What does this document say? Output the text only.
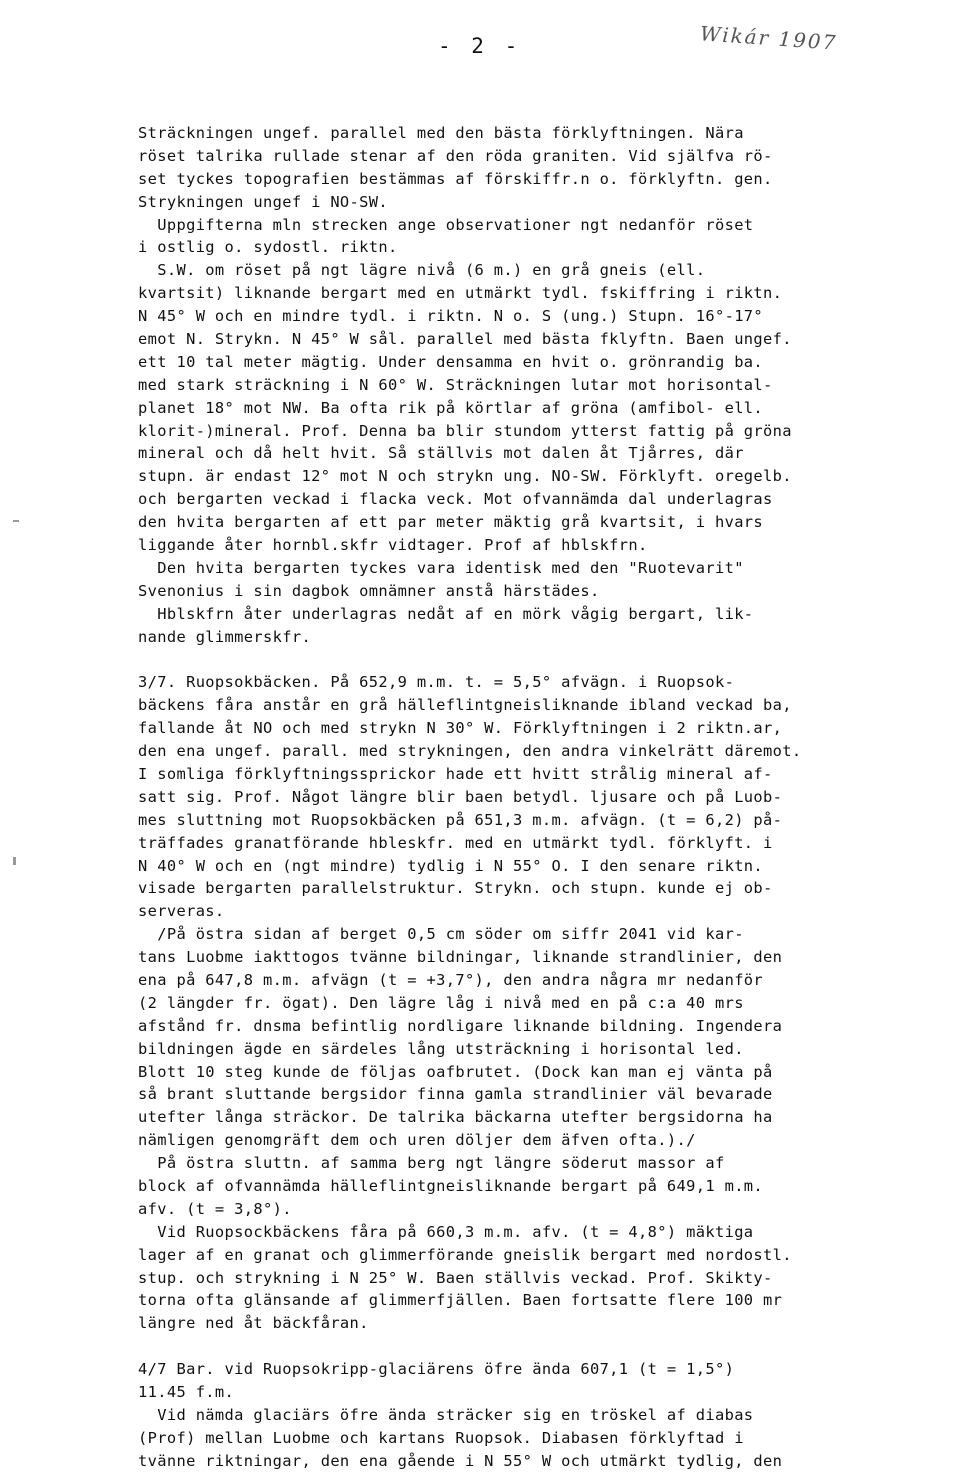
- 2 -	Wikár 1907
Sträckningen ungef. parallel med den bästa förklyftningen. Nära
röset talrika rullade stenar af den röda graniten. Vid själfva rö-
set tyckes topografien bestämmas af förskiffr.n o. förklyftn. gen.
Strykningen ungef i NO-SW.
Uppgifterna mln strecken ange observationer ngt nedanför röset
i ostlig o. sydostl. riktn.
S.W. om röset på ngt lägre nivå (6 m.) en grå gneis (ell.
kvartsit) liknande bergart med en utmärkt tydl. fskiffring i riktn.
N 45° W och en mindre tydl. i riktn. N o. S (ung.) Stupn. 16°-17°
emot N. Strykn. N 45° W sål. parallel med bästa fklyftn. Baen ungef.
ett 10 tal meter mägtig. Under densamma en hvit o. grönrandig ba.
med stark sträckning i N 60° W. Sträckningen lutar mot horisontal-
planet 18° mot NW. Ba ofta rik på körtlar af gröna (amfibol- ell.
klorit-)mineral. Prof. Denna ba blir stundom ytterst fattig på gröna
mineral och då helt hvit. Så ställvis mot dalen åt Tjårres, där
stupn. är endast 12° mot N och strykn ung. NO-SW. Förklyft. oregelb.
och bergarten veckad i flacka veck. Mot ofvannämda dal underlagras
den hvita bergarten af ett par meter mäktig grå kvartsit, i hvars
liggande åter hornbl.skfr vidtager. Prof af hblskfrn.
Den hvita bergarten tyckes vara identisk med den "Ruotevarit"
Svenonius i sin dagbok omnämner anstå härstädes.
Hblskfrn åter underlagras nedåt af en mörk vågig bergart, lik-
nande glimmerskfr.
3/7. Ruopsokbäcken. På 652,9 m.m. t. = 5,5° afvägn. i Ruopsok-
bäckens fåra anstår en grå hälleflintgneisliknande ibland veckad ba,
fallande åt NO och med strykn N 30° W. Förklyftningen i 2 riktn.ar,
den ena ungef. parall. med strykningen, den andra vinkelrätt däremot.
I somliga förklyftningssprickor hade ett hvitt strålig mineral af-
satt sig. Prof. Något längre blir baen betydl. ljusare och på Luob-
mes sluttning mot Ruopsokbäcken på 651,3 m.m. afvägn. (t = 6,2) på-
träffades granatförande hbleskfr. med en utmärkt tydl. förklyft. i
N 40° W och en (ngt mindre) tydlig i N 55° O. I den senare riktn.
visade bergarten parallelstruktur. Strykn. och stupn. kunde ej ob-
serveras.
/På östra sidan af berget 0,5 cm söder om siffr 2041 vid kar-
tans Luobme iakttogos tvänne bildningar, liknande strandlinier, den
ena på 647,8 m.m. afvägn (t = +3,7°), den andra några mr nedanför
(2 längder fr. ögat). Den lägre låg i nivå med en på c:a 40 mrs
afstånd fr. dnsma befintlig nordligare liknande bildning. Ingendera
bildningen ägde en särdeles lång utsträckning i horisontal led.
Blott 10 steg kunde de följas oafbrutet. (Dock kan man ej vänta på
så brant sluttande bergsidor finna gamla strandlinier väl bevarade
utefter långa sträckor. De talrika bäckarna utefter bergsidorna ha
nämligen genomgräft dem och uren döljer dem äfven ofta.)./
På östra sluttn. af samma berg ngt längre söderut massor af
block af ofvannämda hälleflintgneisliknande bergart på 649,1 m.m.
afv. (t = 3,8°).
Vid Ruopsockbäckens fåra på 660,3 m.m. afv. (t = 4,8°) mäktiga
lager af en granat och glimmerförande gneislik bergart med nordostl.
stup. och strykning i N 25° W. Baen ställvis veckad. Prof. Skikty-
torna ofta glänsande af glimmerfjällen. Baen fortsatte flere 100 mr
längre ned åt bäckfåran.
4/7 Bar. vid Ruopsokripp-glaciärens öfre ända 607,1 (t = 1,5°)
11.45 f.m.
Vid nämda glaciärs öfre ända sträcker sig en tröskel af diabas
(Prof) mellan Luobme och kartans Ruopsok. Diabasen förklyftad i
tvänne riktningar, den ena gående i N 55° W och utmärkt tydlig, den
